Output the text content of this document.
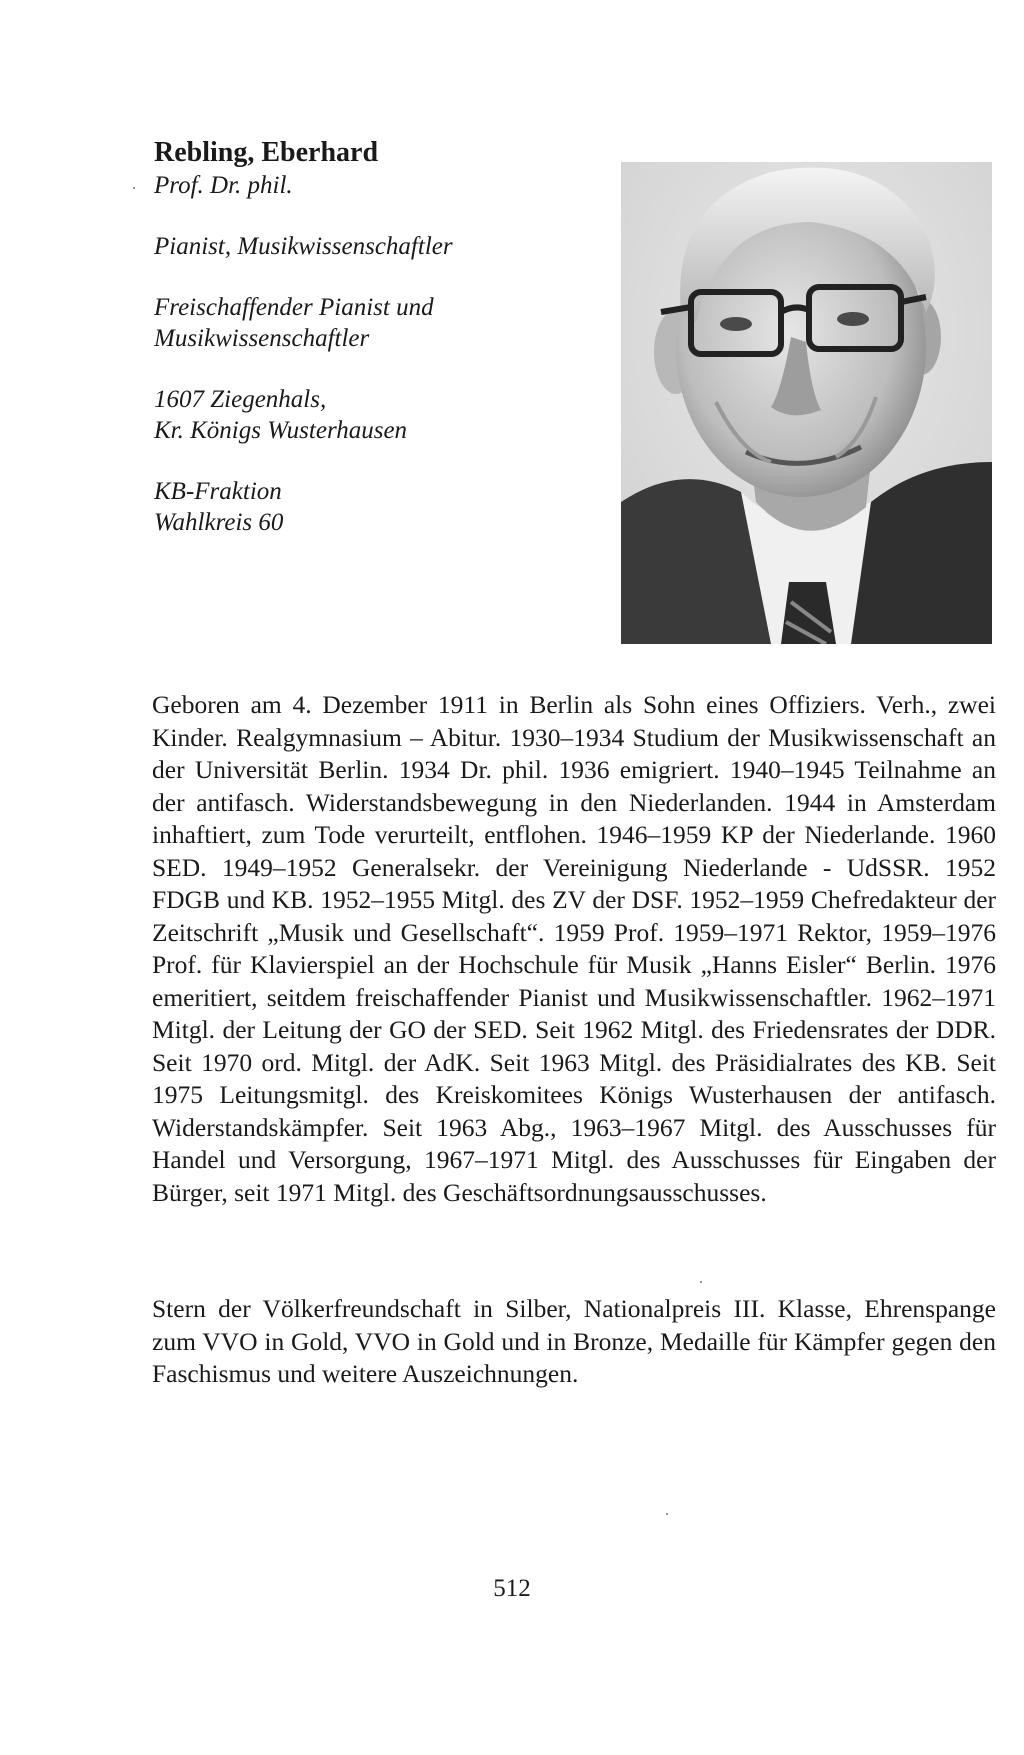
Rebling, Eberhard

Prof. Dr. phil.

Pianist, Musikwissenschaftler

Freischaffender Pianist und

Musikwissenschaftler

1607 Ziegenhals,

Kr. Königs Wusterhausen

KB-Fraktion

Wahlkreis 60

Geboren am 4. Dezember 1911 in Berlin als Sohn eines Offiziers. Verh., zwei Kinder. Realgymnasium – Abitur. 1930–1934 Studium der Musikwissenschaft an der Universität Berlin. 1934 Dr. phil. 1936 emigriert. 1940–1945 Teilnahme an der antifasch. Widerstandsbewegung in den Niederlanden. 1944 in Amsterdam inhaftiert, zum Tode verurteilt, entflohen. 1946–1959 KP der Niederlande. 1960 SED. 1949–1952 Generalsekr. der Vereinigung Niederlande - UdSSR. 1952 FDGB und KB. 1952–1955 Mitgl. des ZV der DSF. 1952–1959 Chefredakteur der Zeitschrift „Musik und Gesellschaft“. 1959 Prof. 1959–1971 Rektor, 1959–1976 Prof. für Klavierspiel an der Hochschule für Musik „Hanns Eisler“ Berlin. 1976 emeritiert, seitdem freischaffender Pianist und Musikwissenschaftler. 1962–1971 Mitgl. der Leitung der GO der SED. Seit 1962 Mitgl. des Friedensrates der DDR. Seit 1970 ord. Mitgl. der AdK. Seit 1963 Mitgl. des Präsidialrates des KB. Seit 1975 Leitungsmitgl. des Kreiskomitees Königs Wusterhausen der antifasch. Widerstandskämpfer. Seit 1963 Abg., 1963–1967 Mitgl. des Ausschusses für Handel und Versorgung, 1967–1971 Mitgl. des Ausschusses für Eingaben der Bürger, seit 1971 Mitgl. des Geschäftsordnungsausschusses.

Stern der Völkerfreundschaft in Silber, Nationalpreis III. Klasse, Ehrenspange zum VVO in Gold, VVO in Gold und in Bronze, Medaille für Kämpfer gegen den Faschismus und weitere Auszeichnungen.

512
